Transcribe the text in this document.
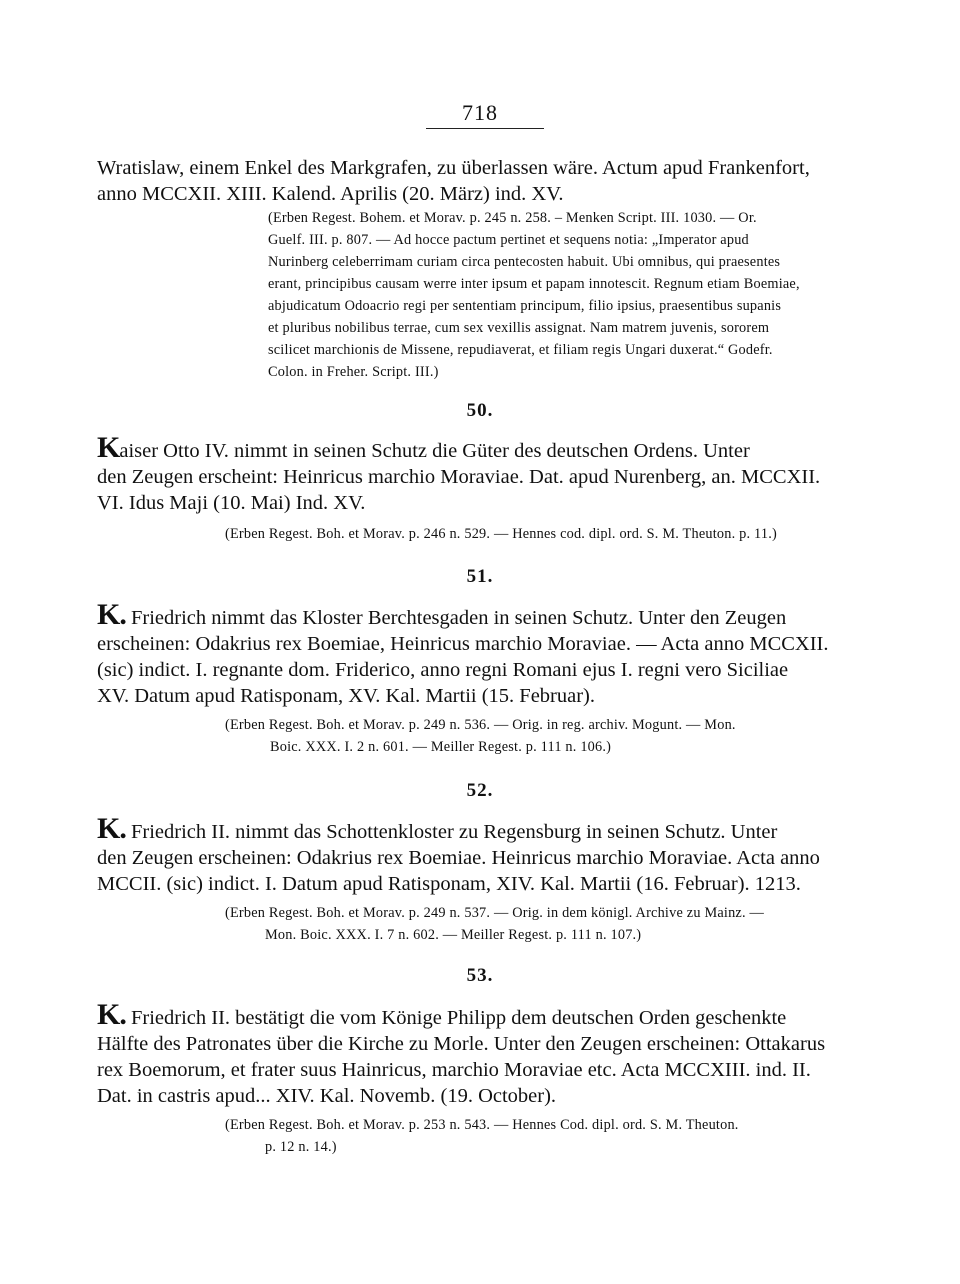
718
Wratislaw, einem Enkel des Markgrafen, zu überlassen wäre. Actum apud Frankenfort,
anno MCCXII. XIII. Kalend. Aprilis (20. März) ind. XV.
(Erben Regest. Bohem. et Morav. p. 245 n. 258. – Menken Script. III. 1030. — Or.
Guelf. III. p. 807. — Ad hocce pactum pertinet et sequens notia: „Imperator apud
Nurinberg celeberrimam curiam circa pentecosten habuit. Ubi omnibus, qui praesentes
erant, principibus causam werre inter ipsum et papam innotescit. Regnum etiam Boemiae,
abjudicatum Odoacrio regi per sententiam principum, filio ipsius, praesentibus supanis
et pluribus nobilibus terrae, cum sex vexillis assignat. Nam matrem juvenis, sororem
scilicet marchionis de Missene, repudiaverat, et filiam regis Ungari duxerat.“ Godefr.
Colon. in Freher. Script. III.)
50.
Kaiser Otto IV. nimmt in seinen Schutz die Güter des deutschen Ordens. Unter
den Zeugen erscheint: Heinricus marchio Moraviae. Dat. apud Nurenberg, an. MCCXII.
VI. Idus Maji (10. Mai) Ind. XV.
(Erben Regest. Boh. et Morav. p. 246 n. 529. — Hennes cod. dipl. ord. S. M. Theuton. p. 11.)
51.
K. Friedrich nimmt das Kloster Berchtesgaden in seinen Schutz. Unter den Zeugen
erscheinen: Odakrius rex Boemiae, Heinricus marchio Moraviae. — Acta anno MCCXII.
(sic) indict. I. regnante dom. Friderico, anno regni Romani ejus I. regni vero Siciliae
XV. Datum apud Ratisponam, XV. Kal. Martii (15. Februar).
(Erben Regest. Boh. et Morav. p. 249 n. 536. — Orig. in reg. archiv. Mogunt. — Mon.
Boic. XXX. I. 2 n. 601. — Meiller Regest. p. 111 n. 106.)
52.
K. Friedrich II. nimmt das Schottenkloster zu Regensburg in seinen Schutz. Unter
den Zeugen erscheinen: Odakrius rex Boemiae. Heinricus marchio Moraviae. Acta anno
MCCII. (sic) indict. I. Datum apud Ratisponam, XIV. Kal. Martii (16. Februar). 1213.
(Erben Regest. Boh. et Morav. p. 249 n. 537. — Orig. in dem königl. Archive zu Mainz. —
Mon. Boic. XXX. I. 7 n. 602. — Meiller Regest. p. 111 n. 107.)
53.
K. Friedrich II. bestätigt die vom Könige Philipp dem deutschen Orden geschenkte
Hälfte des Patronates über die Kirche zu Morle. Unter den Zeugen erscheinen: Ottakarus
rex Boemorum, et frater suus Hainricus, marchio Moraviae etc. Acta MCCXIII. ind. II.
Dat. in castris apud... XIV. Kal. Novemb. (19. October).
(Erben Regest. Boh. et Morav. p. 253 n. 543. — Hennes Cod. dipl. ord. S. M. Theuton.
p. 12 n. 14.)
